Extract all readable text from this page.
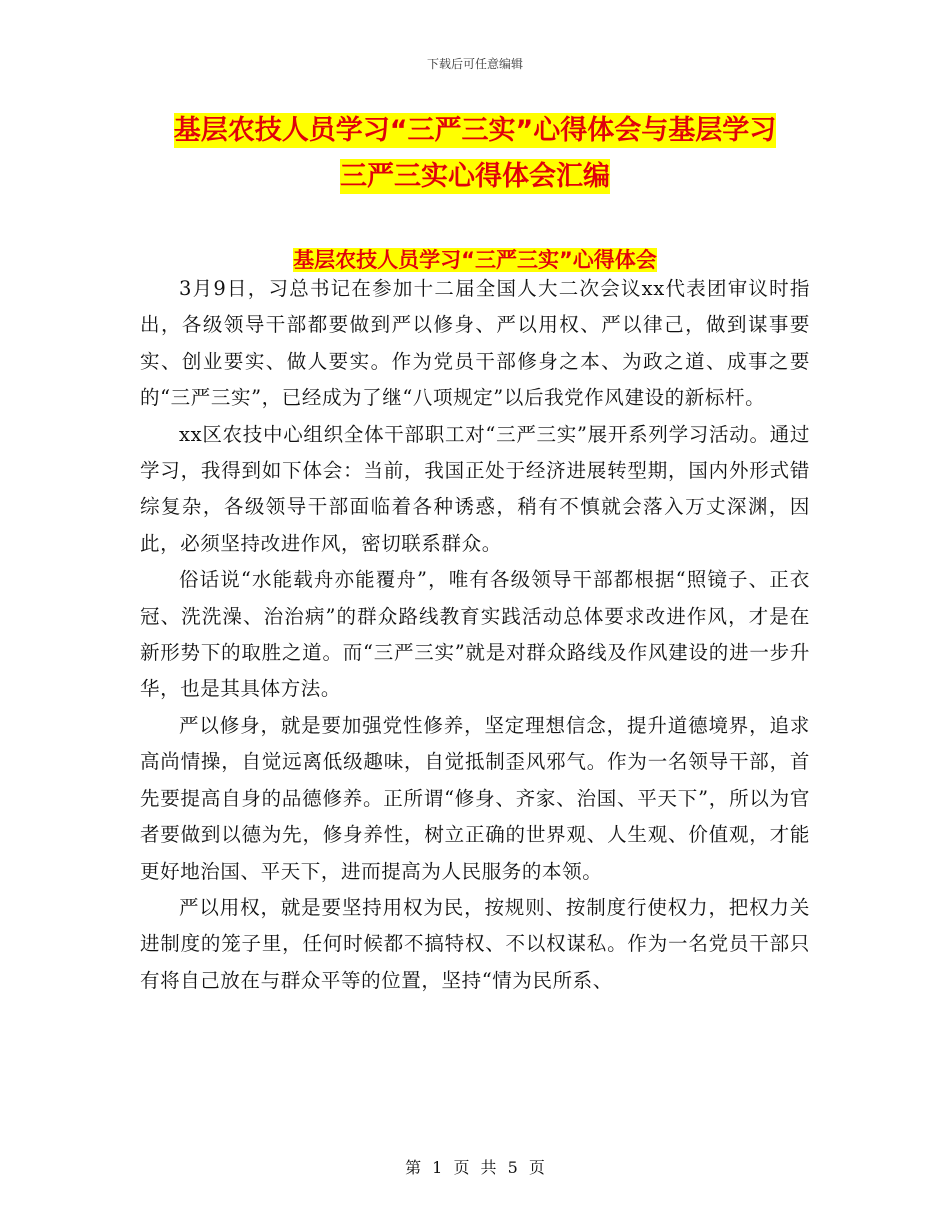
下载后可任意编辑
基层农技人员学习“三严三实”心得体会与基层学习
三严三实心得体会汇编
基层农技人员学习“三严三实”心得体会

3月9日，习总书记在参加十二届全国人大二次会议xx代表团审议时指出，各级领导干部都要做到严以修身、严以用权、严以律己，做到谋事要实、创业要实、做人要实。作为党员干部修身之本、为政之道、成事之要的“三严三实”，已经成为了继“八项规定”以后我党作风建设的新标杆。

xx区农技中心组织全体干部职工对“三严三实”展开系列学习活动。通过学习，我得到如下体会：当前，我国正处于经济进展转型期，国内外形式错综复杂，各级领导干部面临着各种诱惑，稍有不慎就会落入万丈深渊，因此，必须坚持改进作风，密切联系群众。

俗话说“水能载舟亦能覆舟”，唯有各级领导干部都根据“照镜子、正衣冠、洗洗澡、治治病”的群众路线教育实践活动总体要求改进作风，才是在新形势下的取胜之道。而“三严三实”就是对群众路线及作风建设的进一步升华，也是其具体方法。

严以修身，就是要加强党性修养，坚定理想信念，提升道德境界，追求高尚情操，自觉远离低级趣味，自觉抵制歪风邪气。作为一名领导干部，首先要提高自身的品德修养。正所谓“修身、齐家、治国、平天下”，所以为官者要做到以德为先，修身养性，树立正确的世界观、人生观、价值观，才能更好地治国、平天下，进而提高为人民服务的本领。

严以用权，就是要坚持用权为民，按规则、按制度行使权力，把权力关进制度的笼子里，任何时候都不搞特权、不以权谋私。作为一名党员干部只有将自己放在与群众平等的位置，坚持“情为民所系、

第 1 页 共 5 页
